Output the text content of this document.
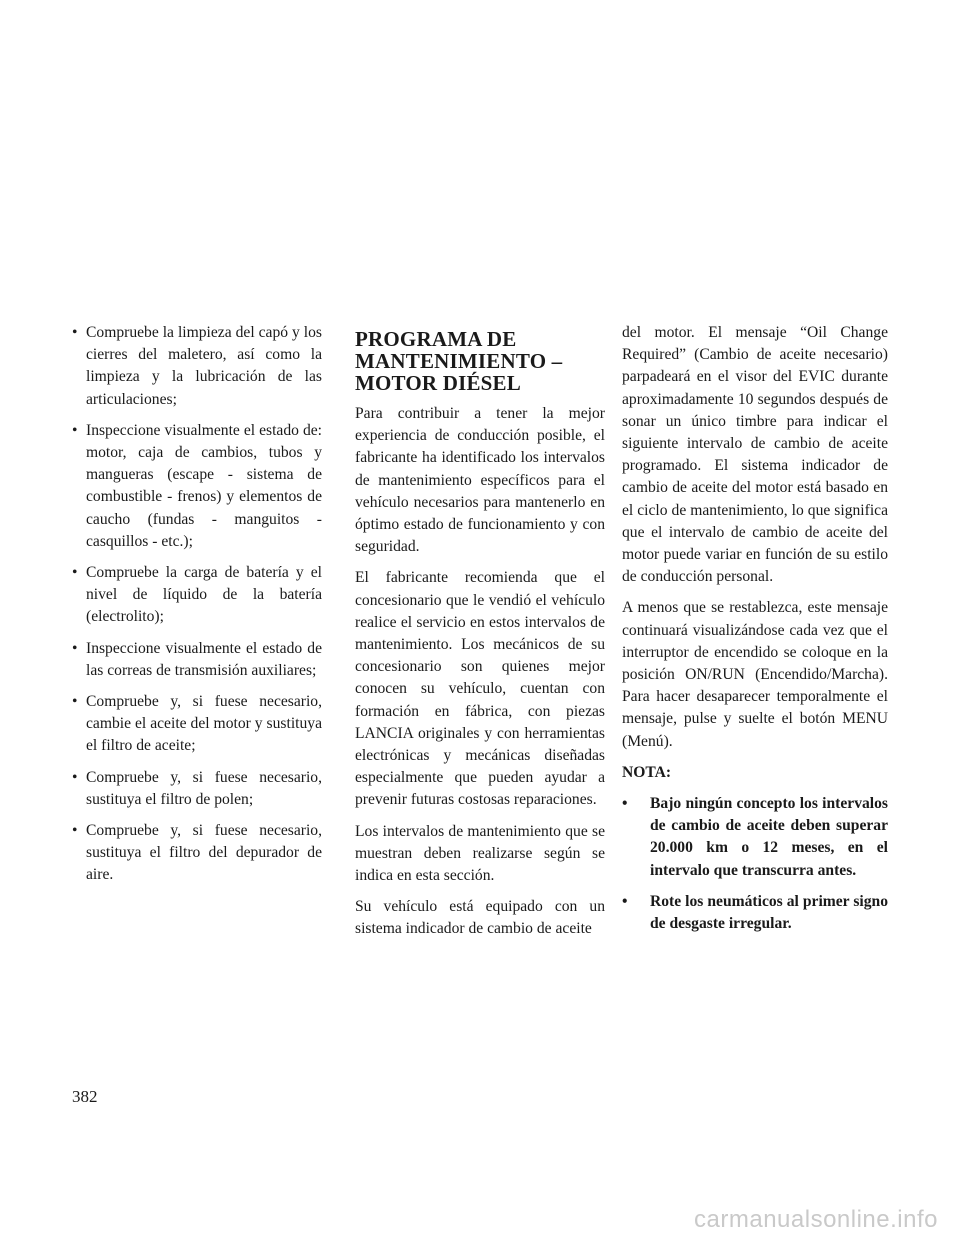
• Compruebe la limpieza del capó y los cierres del maletero, así como la limpieza y la lubricación de las articulaciones;
• Inspeccione visualmente el estado de: motor, caja de cambios, tubos y mangueras (escape - sistema de combustible - frenos) y elementos de caucho (fundas - manguitos - casquillos - etc.);
• Compruebe la carga de batería y el nivel de líquido de la batería (electrolito);
• Inspeccione visualmente el estado de las correas de transmisión auxiliares;
• Compruebe y, si fuese necesario, cambie el aceite del motor y sustituya el filtro de aceite;
• Compruebe y, si fuese necesario, sustituya el filtro de polen;
• Compruebe y, si fuese necesario, sustituya el filtro del depurador de aire.
PROGRAMA DE MANTENIMIENTO – MOTOR DIÉSEL

Para contribuir a tener la mejor experiencia de conducción posible, el fabricante ha identificado los intervalos de mantenimiento específicos para el vehículo necesarios para mantenerlo en óptimo estado de funcionamiento y con seguridad.

El fabricante recomienda que el concesionario que le vendió el vehículo realice el servicio en estos intervalos de mantenimiento. Los mecánicos de su concesionario son quienes mejor conocen su vehículo, cuentan con formación en fábrica, con piezas LANCIA originales y con herramientas electrónicas y mecánicas diseñadas especialmente que pueden ayudar a prevenir futuras costosas reparaciones.

Los intervalos de mantenimiento que se muestran deben realizarse según se indica en esta sección.

Su vehículo está equipado con un sistema indicador de cambio de aceite

del motor. El mensaje “Oil Change Required” (Cambio de aceite necesario) parpadeará en el visor del EVIC durante aproximadamente 10 segundos después de sonar un único timbre para indicar el siguiente intervalo de cambio de aceite programado. El sistema indicador de cambio de aceite del motor está basado en el ciclo de mantenimiento, lo que significa que el intervalo de cambio de aceite del motor puede variar en función de su estilo de conducción personal.

A menos que se restablezca, este mensaje continuará visualizándose cada vez que el interruptor de encendido se coloque en la posición ON/RUN (Encendido/Marcha). Para hacer desaparecer temporalmente el mensaje, pulse y suelte el botón MENU (Menú).

NOTA:
• Bajo ningún concepto los intervalos de cambio de aceite deben superar 20.000 km o 12 meses, en el intervalo que transcurra antes.
• Rote los neumáticos al primer signo de desgaste irregular.
382
carmanualsonline.info
